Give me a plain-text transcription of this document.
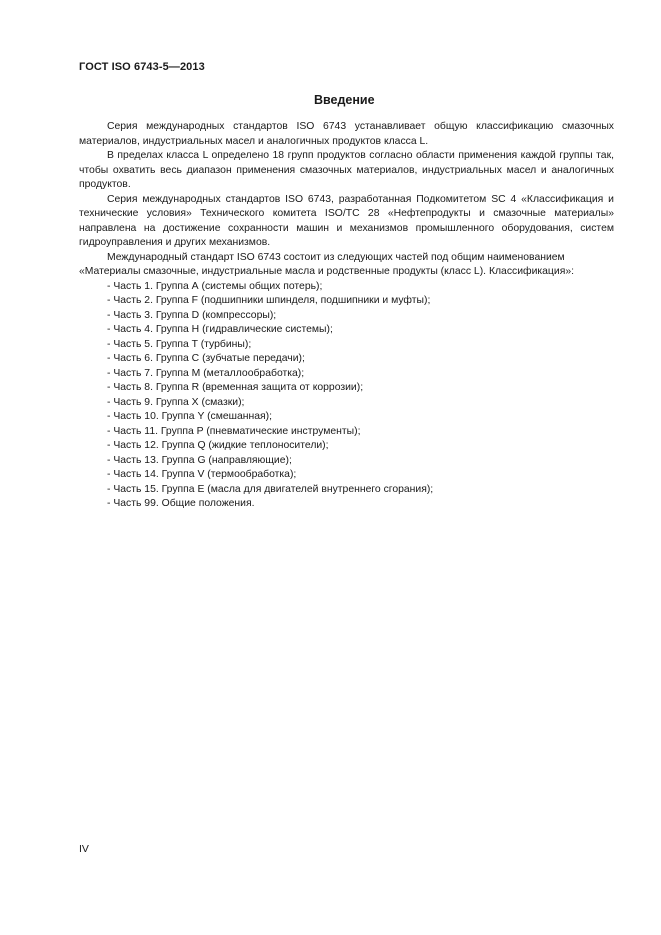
ГОСТ ISO 6743-5—2013
Введение

Серия международных стандартов ISO 6743 устанавливает общую классификацию смазочных материалов, индустриальных масел и аналогичных продуктов класса L.

В пределах класса L определено 18 групп продуктов согласно области применения каждой группы так, чтобы охватить весь диапазон применения смазочных материалов, индустриальных масел и аналогичных продуктов.

Серия международных стандартов ISO 6743, разработанная Подкомитетом SC 4 «Классификация и технические условия» Технического комитета ISO/TC 28 «Нефтепродукты и смазочные материалы» направлена на достижение сохранности машин и механизмов промышленного оборудования, систем гидроуправления и других механизмов.

Международный стандарт ISO 6743 состоит из следующих частей под общим наименованием «Материалы смазочные, индустриальные масла и родственные продукты (класс L). Классификация»:

- Часть 1. Группа А (системы общих потерь);
- Часть 2. Группа F (подшипники шпинделя, подшипники и муфты);
- Часть 3. Группа D (компрессоры);
- Часть 4. Группа H (гидравлические системы);
- Часть 5. Группа T (турбины);
- Часть 6. Группа C (зубчатые передачи);
- Часть 7. Группа M (металлообработка);
- Часть 8. Группа R (временная защита от коррозии);
- Часть 9. Группа X (смазки);
- Часть 10. Группа Y (смешанная);
- Часть 11. Группа P (пневматические инструменты);
- Часть 12. Группа Q (жидкие теплоносители);
- Часть 13. Группа G (направляющие);
- Часть 14. Группа V (термообработка);
- Часть 15. Группа E (масла для двигателей внутреннего сгорания);
- Часть 99. Общие положения.
IV
